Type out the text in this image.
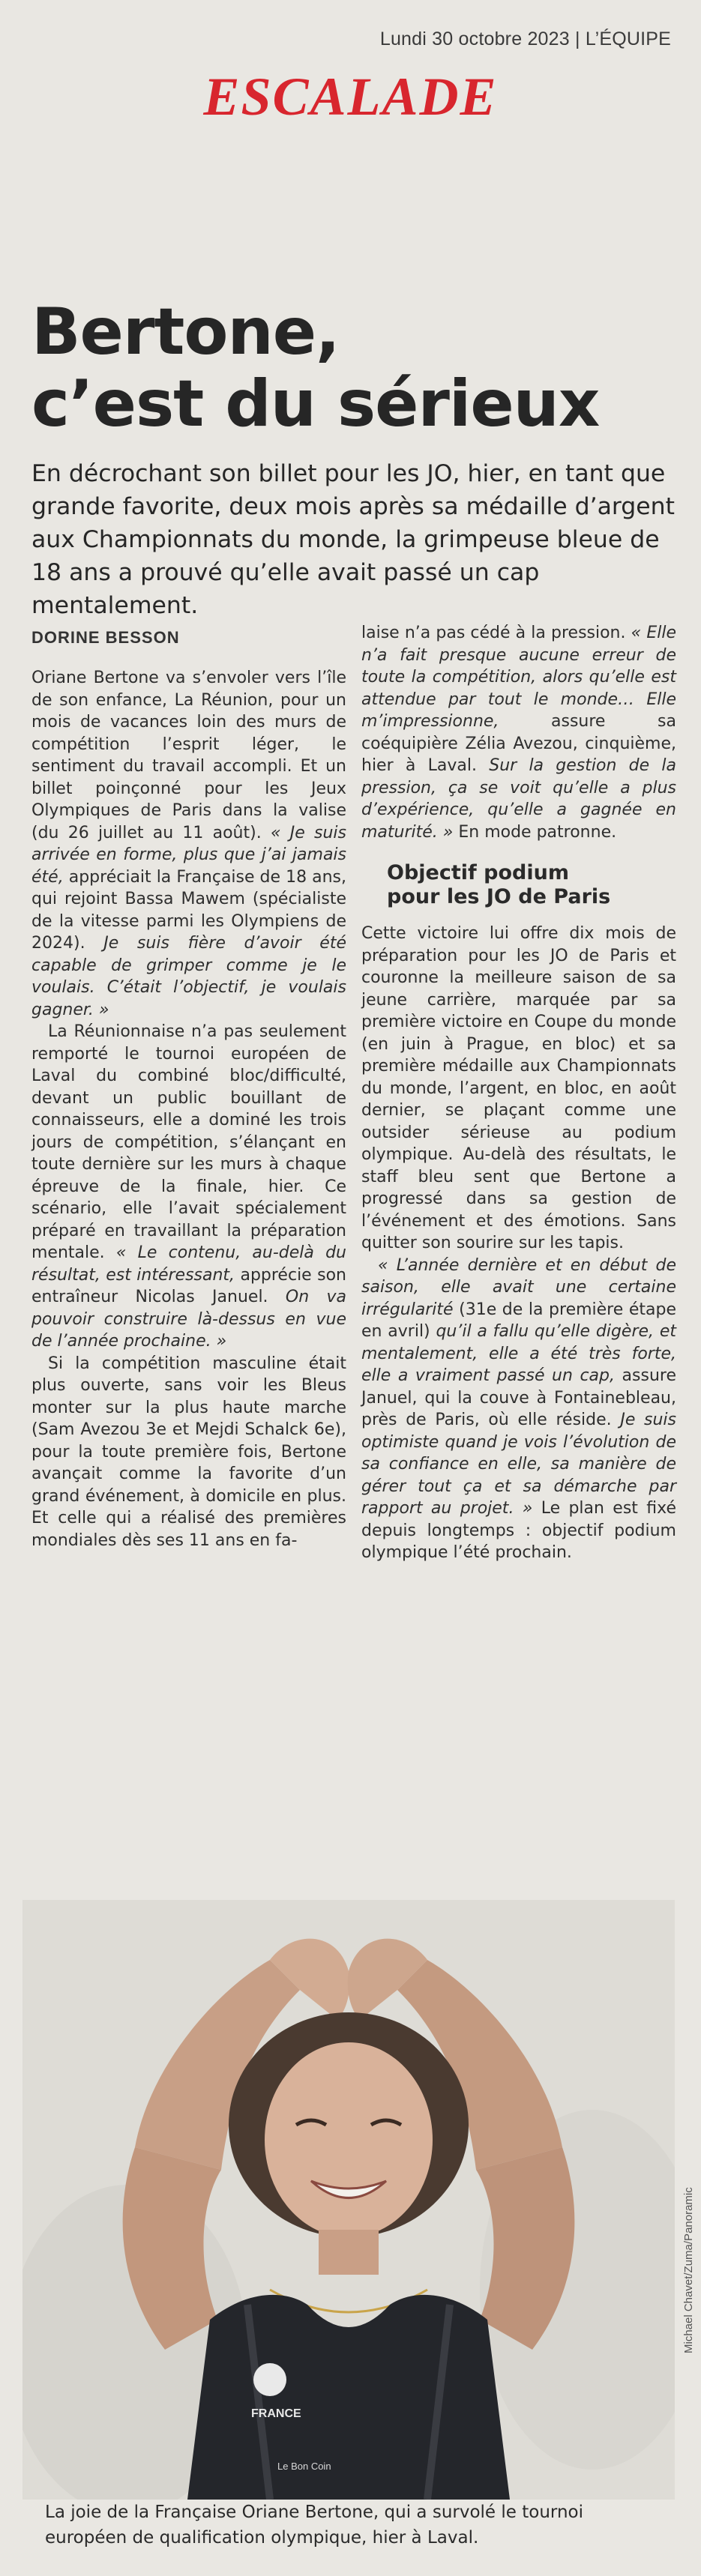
Lundi 30 octobre 2023 | L’ÉQUIPE
ESCALADE
Bertone,
c’est du sérieux
En décrochant son billet pour les JO, hier, en tant que grande favorite, deux mois après sa médaille d’argent aux Championnats du monde, la grimpeuse bleue de 18 ans a prouvé qu’elle avait passé un cap mentalement.
DORINE BESSON

Oriane Bertone va s’envoler vers l’île de son enfance, La Réunion, pour un mois de vacances loin des murs de compétition l’esprit léger, le sentiment du travail accompli. Et un billet poinçonné pour les Jeux Olympiques de Paris dans la valise (du 26 juillet au 11 août). « Je suis arrivée en forme, plus que j’ai jamais été, appréciait la Française de 18 ans, qui rejoint Bassa Mawem (spécialiste de la vitesse parmi les Olympiens de 2024). Je suis fière d’avoir été capable de grimper comme je le voulais. C’était l’objectif, je voulais gagner. »

La Réunionnaise n’a pas seulement remporté le tournoi européen de Laval du combiné bloc/difficulté, devant un public bouillant de connaisseurs, elle a dominé les trois jours de compétition, s’élançant en toute dernière sur les murs à chaque épreuve de la finale, hier. Ce scénario, elle l’avait spécialement préparé en travaillant la préparation mentale. « Le contenu, au-delà du résultat, est intéressant, apprécie son entraîneur Nicolas Januel. On va pouvoir construire là-dessus en vue de l’année prochaine. »

Si la compétition masculine était plus ouverte, sans voir les Bleus monter sur la plus haute marche (Sam Avezou 3e et Mejdi Schalck 6e), pour la toute première fois, Bertone avançait comme la favorite d’un grand événement, à domicile en plus. Et celle qui a réalisé des premières mondiales dès ses 11 ans en fa-

laise n’a pas cédé à la pression. « Elle n’a fait presque aucune erreur de toute la compétition, alors qu’elle est attendue par tout le monde… Elle m’impressionne, assure sa coéquipière Zélia Avezou, cinquième, hier à Laval. Sur la gestion de la pression, ça se voit qu’elle a plus d’expérience, qu’elle a gagnée en maturité. » En mode patronne.

Objectif podium
pour les JO de Paris

Cette victoire lui offre dix mois de préparation pour les JO de Paris et couronne la meilleure saison de sa jeune carrière, marquée par sa première victoire en Coupe du monde (en juin à Prague, en bloc) et sa première médaille aux Championnats du monde, l’argent, en bloc, en août dernier, se plaçant comme une outsider sérieuse au podium olympique. Au-delà des résultats, le staff bleu sent que Bertone a progressé dans sa gestion de l’événement et des émotions. Sans quitter son sourire sur les tapis.

« L’année dernière et en début de saison, elle avait une certaine irrégularité (31e de la première étape en avril) qu’il a fallu qu’elle digère, et mentalement, elle a été très forte, elle a vraiment passé un cap, assure Januel, qui la couve à Fontainebleau, près de Paris, où elle réside. Je suis optimiste quand je vois l’évolution de sa confiance en elle, sa manière de gérer tout ça et sa démarche par rapport au projet. » Le plan est fixé depuis longtemps : objectif podium olympique l’été prochain.

FRANCE
Le Bon Coin
Michael Chavet/Zuma/Panoramic
La joie de la Française Oriane Bertone, qui a survolé le tournoi européen de qualification olympique, hier à Laval.
